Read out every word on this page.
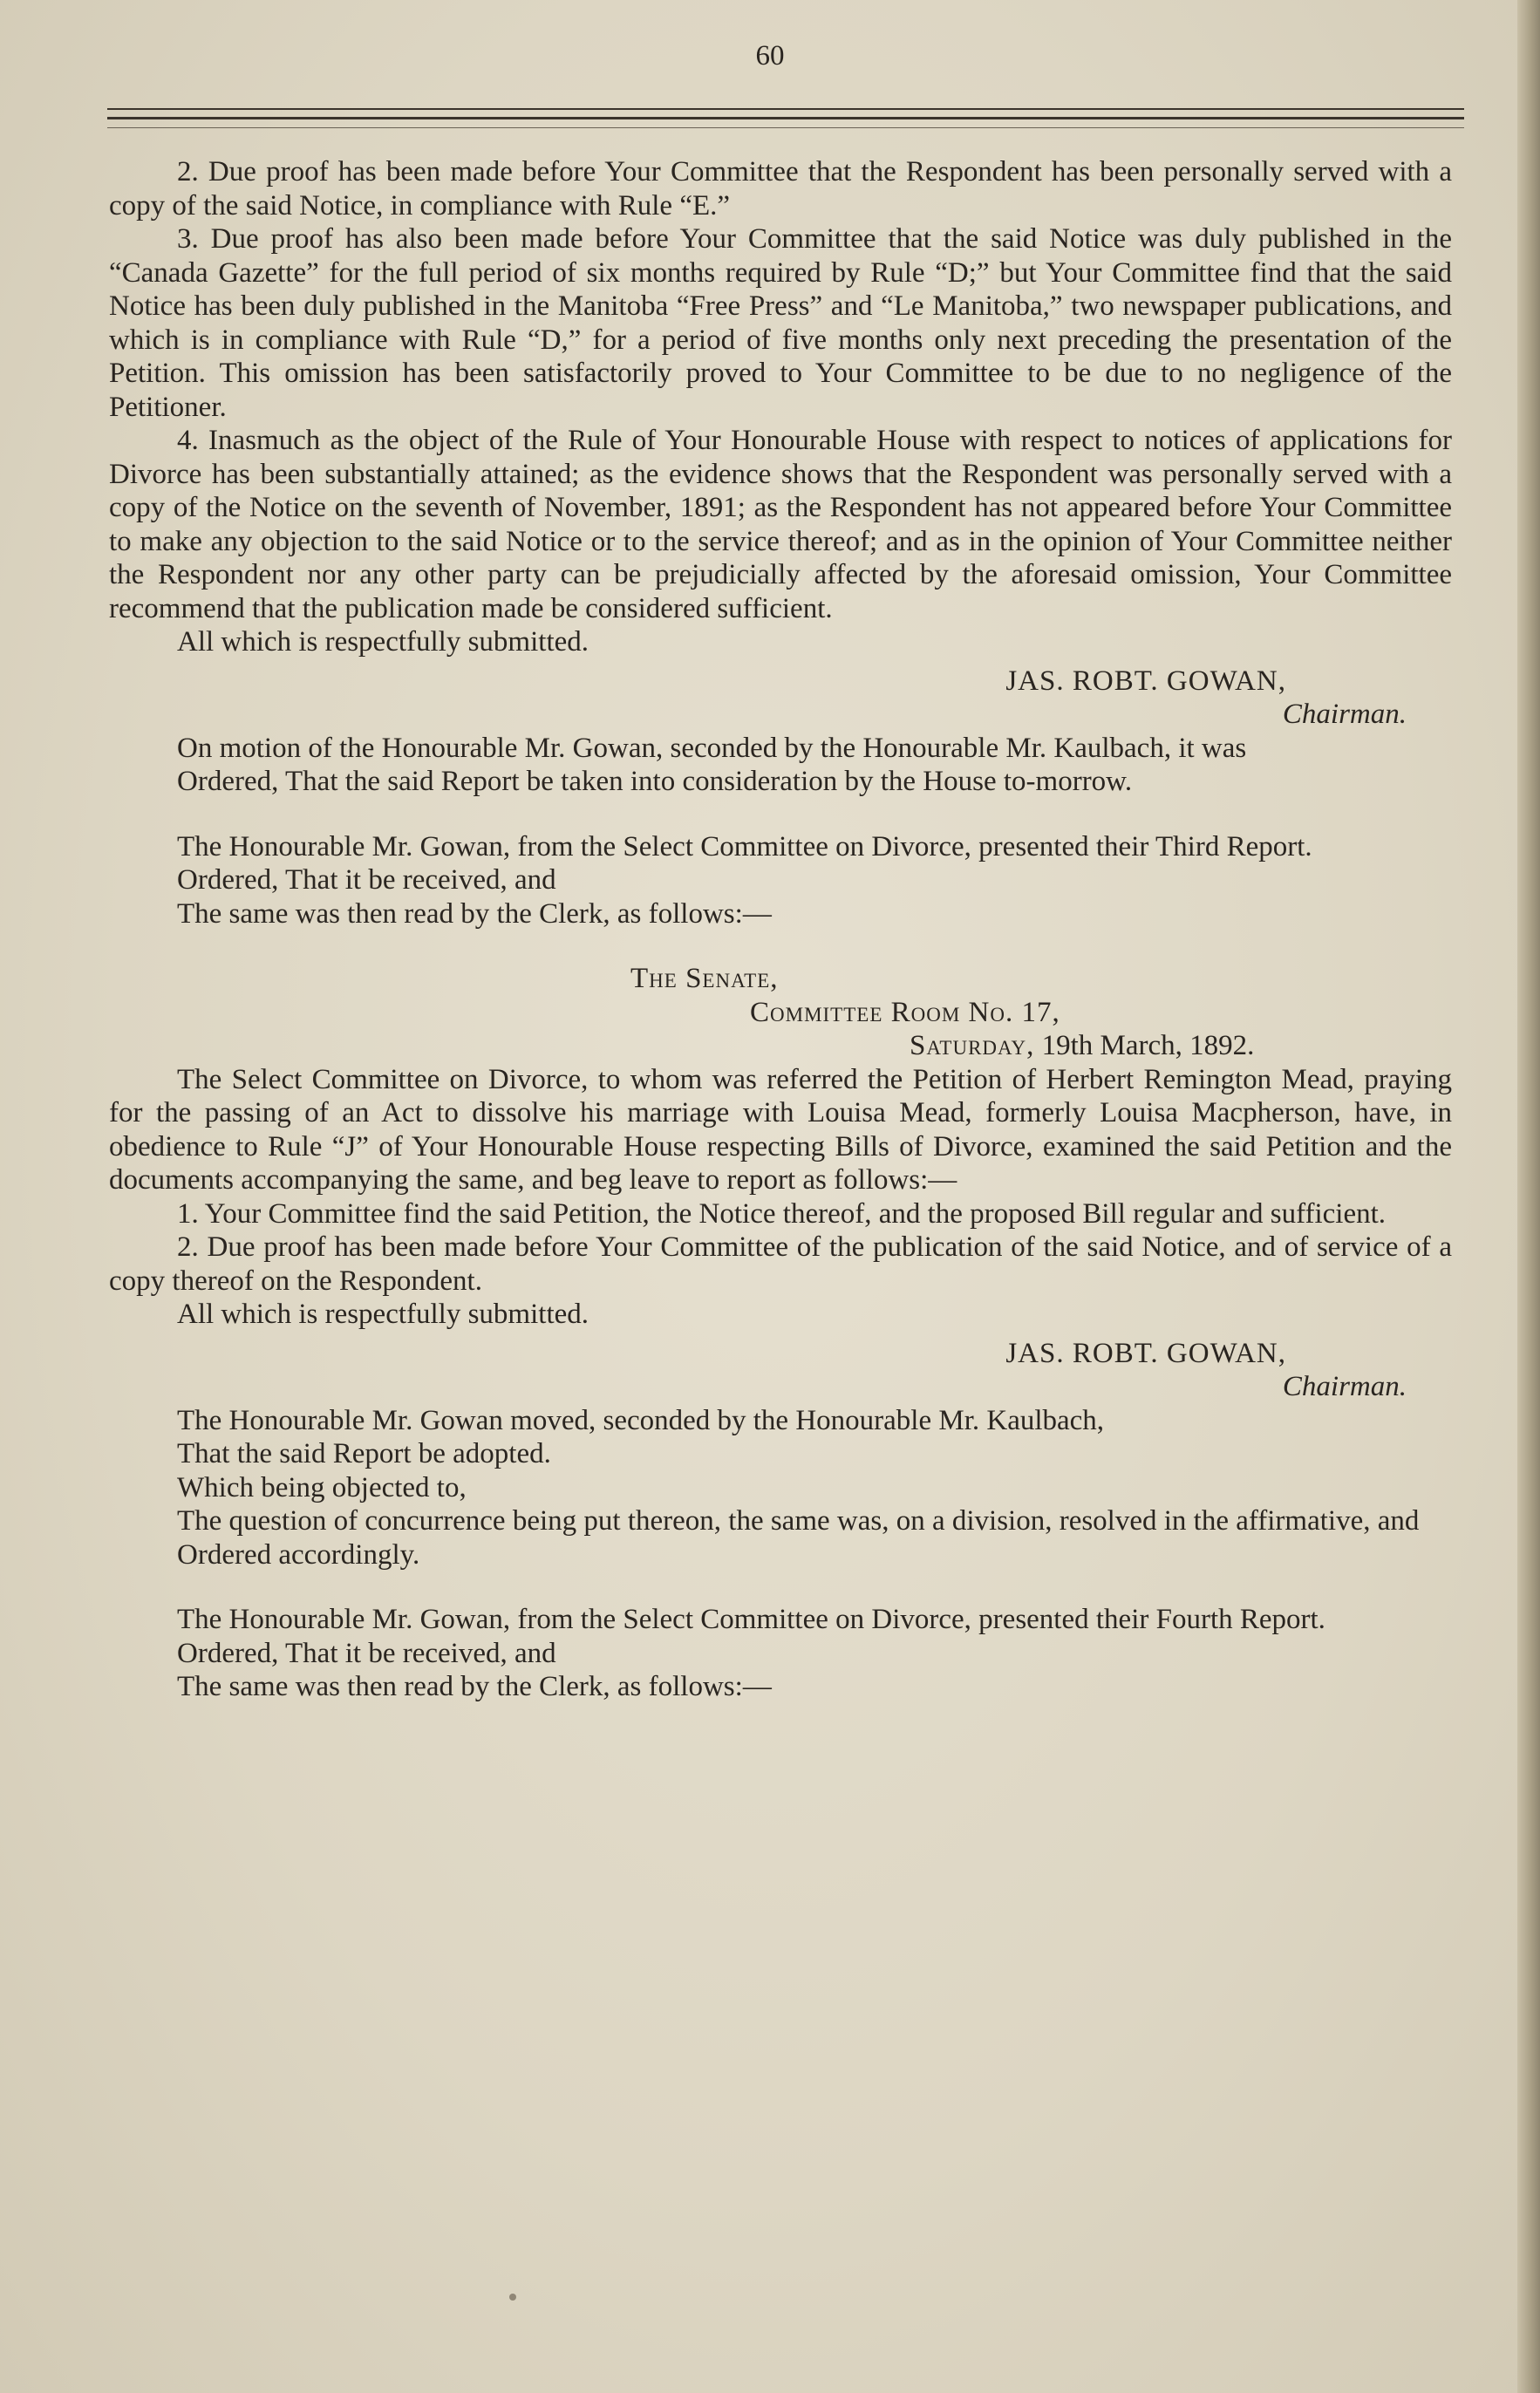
60

2. Due proof has been made before Your Committee that the Respondent has been personally served with a copy of the said Notice, in compliance with Rule “E.”

3. Due proof has also been made before Your Committee that the said Notice was duly published in the “Canada Gazette” for the full period of six months required by Rule “D;” but Your Committee find that the said Notice has been duly published in the Manitoba “Free Press” and “Le Manitoba,” two newspaper publications, and which is in compliance with Rule “D,” for a period of five months only next preceding the presentation of the Petition. This omission has been satisfactorily proved to Your Committee to be due to no negligence of the Petitioner.

4. Inasmuch as the object of the Rule of Your Honourable House with respect to notices of applications for Divorce has been substantially attained; as the evidence shows that the Respondent was personally served with a copy of the Notice on the seventh of November, 1891; as the Respondent has not appeared before Your Committee to make any objection to the said Notice or to the service thereof; and as in the opinion of Your Committee neither the Respondent nor any other party can be prejudicially affected by the aforesaid omission, Your Committee recommend that the publication made be considered sufficient.

All which is respectfully submitted.

JAS. ROBT. GOWAN,

Chairman.

On motion of the Honourable Mr. Gowan, seconded by the Honourable Mr. Kaulbach, it was

Ordered, That the said Report be taken into consideration by the House to-morrow.

The Honourable Mr. Gowan, from the Select Committee on Divorce, presented their Third Report.

Ordered, That it be received, and

The same was then read by the Clerk, as follows:—

The Senate,

Committee Room No. 17,

Saturday, 19th March, 1892.

The Select Committee on Divorce, to whom was referred the Petition of Herbert Remington Mead, praying for the passing of an Act to dissolve his marriage with Louisa Mead, formerly Louisa Macpherson, have, in obedience to Rule “J” of Your Honourable House respecting Bills of Divorce, examined the said Petition and the documents accompanying the same, and beg leave to report as follows:—

1. Your Committee find the said Petition, the Notice thereof, and the proposed Bill regular and sufficient.

2. Due proof has been made before Your Committee of the publication of the said Notice, and of service of a copy thereof on the Respondent.

All which is respectfully submitted.

JAS. ROBT. GOWAN,

Chairman.

The Honourable Mr. Gowan moved, seconded by the Honourable Mr. Kaulbach,

That the said Report be adopted.

Which being objected to,

The question of concurrence being put thereon, the same was, on a division, resolved in the affirmative, and

Ordered accordingly.

The Honourable Mr. Gowan, from the Select Committee on Divorce, presented their Fourth Report.

Ordered, That it be received, and

The same was then read by the Clerk, as follows:—
